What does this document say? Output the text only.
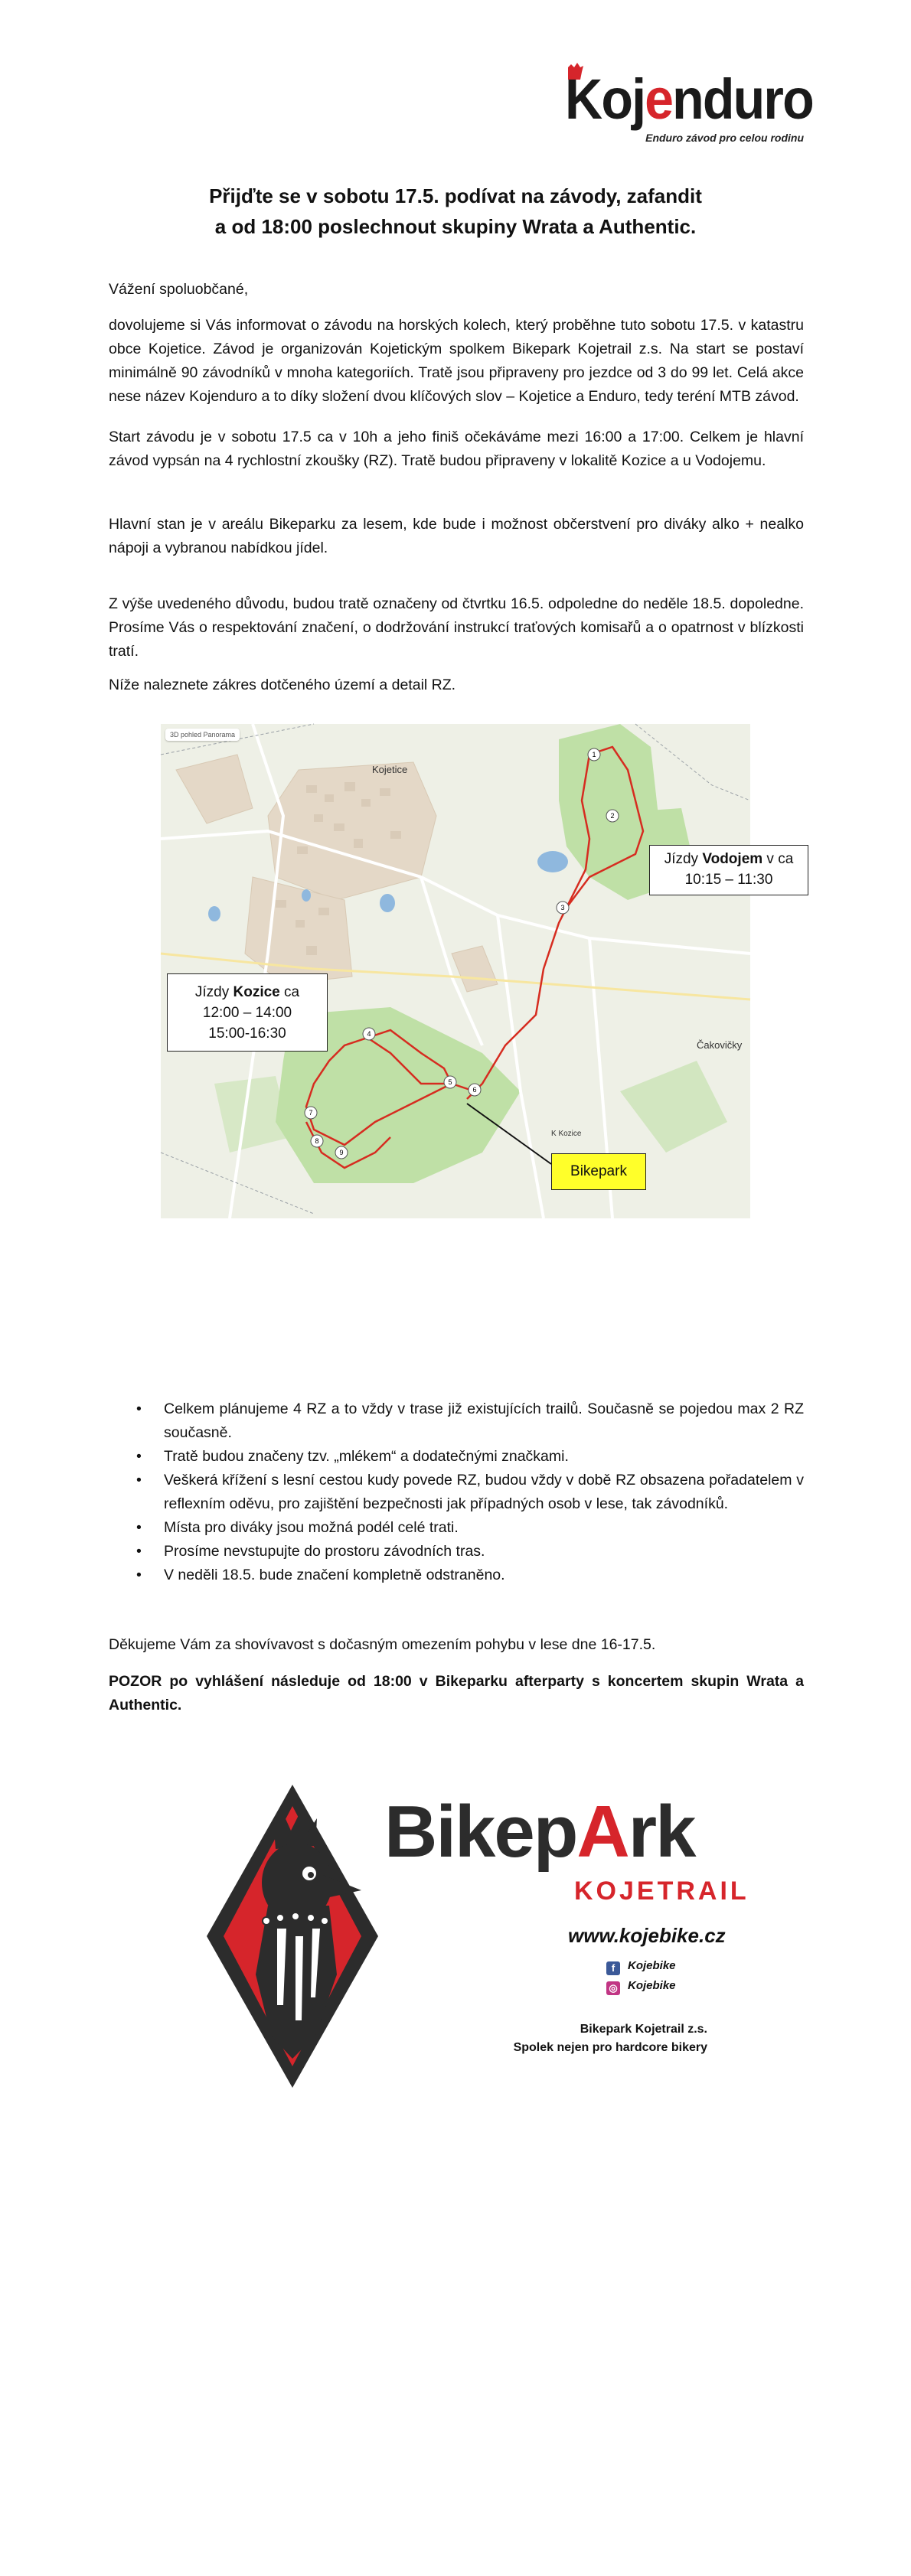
Kojenduro
Enduro závod pro celou rodinu
Přijďte se v sobotu 17.5. podívat na závody, zafandit
a od 18:00 poslechnout skupiny Wrata a Authentic.
Vážení spoluobčané,
dovolujeme si Vás informovat o závodu na horských kolech, který proběhne tuto sobotu 17.5. v katastru obce Kojetice. Závod je organizován Kojetickým spolkem Bikepark Kojetrail z.s. Na start se postaví minimálně 90 závodníků v mnoha kategoriích. Tratě jsou připraveny pro jezdce od 3 do 99 let. Celá akce nese název Kojenduro a to díky složení dvou klíčových slov – Kojetice a Enduro, tedy teréní MTB závod.
Start závodu je v sobotu 17.5 ca v 10h a jeho finiš očekáváme mezi 16:00 a 17:00. Celkem je hlavní závod vypsán na 4 rychlostní zkoušky (RZ). Tratě budou připraveny v lokalitě Kozice a u Vodojemu.
Hlavní stan je v areálu Bikeparku za lesem, kde bude i možnost občerstvení pro diváky alko + nealko nápoji a vybranou nabídkou jídel.
Z výše uvedeného důvodu, budou tratě označeny od čtvrtku 16.5. odpoledne do neděle 18.5. dopoledne. Prosíme Vás o respektování značení, o dodržování instrukcí traťových komisařů a o opatrnost v blízkosti tratí.
Níže naleznete zákres dotčeného území a detail RZ.
1
2
3
4
5
6
7
8
9
3D pohled Panorama
Kojetice
Čakovičky
K Kozice
Jízdy Vodojem v ca
10:15 – 11:30
Jízdy Kozice ca
12:00 – 14:00
15:00-16:30
Bikepark
• Celkem plánujeme 4 RZ a to vždy v trase již existujících trailů. Současně se pojedou max 2 RZ současně.
• Tratě budou značeny tzv. „mlékem“ a dodatečnými značkami.
• Veškerá křížení s lesní cestou kudy povede RZ, budou vždy v době RZ obsazena pořadatelem v reflexním oděvu, pro zajištění bezpečnosti jak případných osob v lese, tak závodníků.
• Místa pro diváky jsou možná podél celé trati.
• Prosíme nevstupujte do prostoru závodních tras.
• V neděli 18.5. bude značení kompletně odstraněno.
Děkujeme Vám za shovívavost s dočasným omezením pohybu v lese dne 16-17.5.
POZOR po vyhlášení následuje od 18:00 v Bikeparku afterparty s koncertem skupin Wrata a Authentic.
BikepArk
KOJETRAIL
www.kojebike.cz
f Kojebike
◎ Kojebike
Bikepark Kojetrail z.s.
Spolek nejen pro hardcore bikery
